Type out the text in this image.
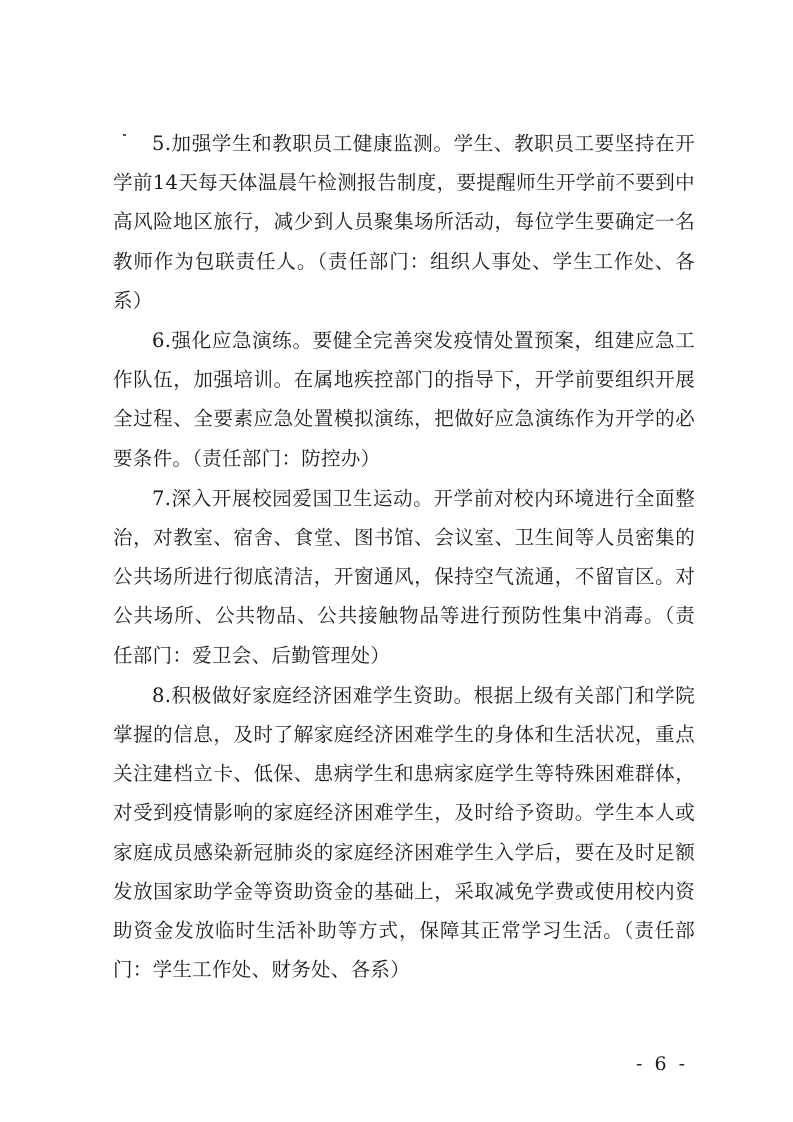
5.加强学生和教职员工健康监测。学生、教职员工要坚持在开学前14天每天体温晨午检测报告制度，要提醒师生开学前不要到中高风险地区旅行，减少到人员聚集场所活动，每位学生要确定一名教师作为包联责任人。（责任部门：组织人事处、学生工作处、各系）

6.强化应急演练。要健全完善突发疫情处置预案，组建应急工作队伍，加强培训。在属地疾控部门的指导下，开学前要组织开展全过程、全要素应急处置模拟演练，把做好应急演练作为开学的必要条件。（责任部门：防控办）

7.深入开展校园爱国卫生运动。开学前对校内环境进行全面整治，对教室、宿舍、食堂、图书馆、会议室、卫生间等人员密集的公共场所进行彻底清洁，开窗通风，保持空气流通，不留盲区。对公共场所、公共物品、公共接触物品等进行预防性集中消毒。（责任部门：爱卫会、后勤管理处）

8.积极做好家庭经济困难学生资助。根据上级有关部门和学院掌握的信息，及时了解家庭经济困难学生的身体和生活状况，重点关注建档立卡、低保、患病学生和患病家庭学生等特殊困难群体，对受到疫情影响的家庭经济困难学生，及时给予资助。学生本人或家庭成员感染新冠肺炎的家庭经济困难学生入学后，要在及时足额发放国家助学金等资助资金的基础上，采取减免学费或使用校内资助资金发放临时生活补助等方式，保障其正常学习生活。（责任部门：学生工作处、财务处、各系）

- 6 -
